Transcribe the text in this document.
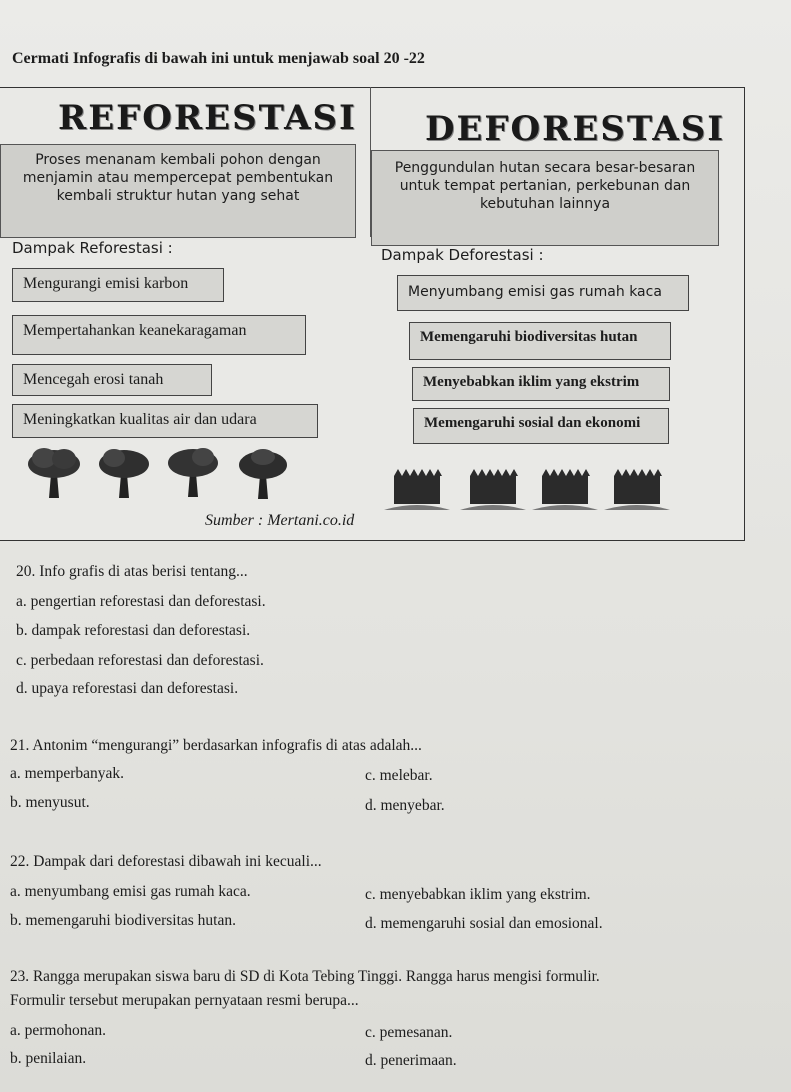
Cermati Infografis di bawah ini untuk menjawab soal 20 -22
REFORESTASI
Proses menanam kembali pohon dengan menjamin atau mempercepat pembentukan kembali struktur hutan yang sehat
Dampak Reforestasi :
Mengurangi emisi karbon
Mempertahankan keanekaragaman
Mencegah erosi tanah
Meningkatkan kualitas air dan udara
Sumber : Mertani.co.id
DEFORESTASI
Penggundulan hutan secara besar-besaran untuk tempat pertanian, perkebunan dan kebutuhan lainnya
Dampak Deforestasi :
Menyumbang emisi gas rumah kaca
Memengaruhi biodiversitas hutan
Menyebabkan iklim yang ekstrim
Memengaruhi sosial dan ekonomi
20. Info grafis di atas berisi tentang...
a. pengertian reforestasi dan deforestasi.
b. dampak reforestasi dan deforestasi.
c. perbedaan reforestasi dan deforestasi.
d. upaya reforestasi dan deforestasi.
21. Antonim “mengurangi” berdasarkan infografis di atas adalah...
a. memperbanyak.	c. melebar.
b. menyusut.	d. menyebar.
22. Dampak dari deforestasi dibawah ini kecuali...
a. menyumbang emisi gas rumah kaca.	c. menyebabkan iklim yang ekstrim.
b. memengaruhi biodiversitas hutan.	d. memengaruhi sosial dan emosional.
23. Rangga merupakan siswa baru di SD di Kota Tebing Tinggi. Rangga harus mengisi formulir.
Formulir tersebut merupakan pernyataan resmi berupa...
a. permohonan.	c. pemesanan.
b. penilaian.	d. penerimaan.
